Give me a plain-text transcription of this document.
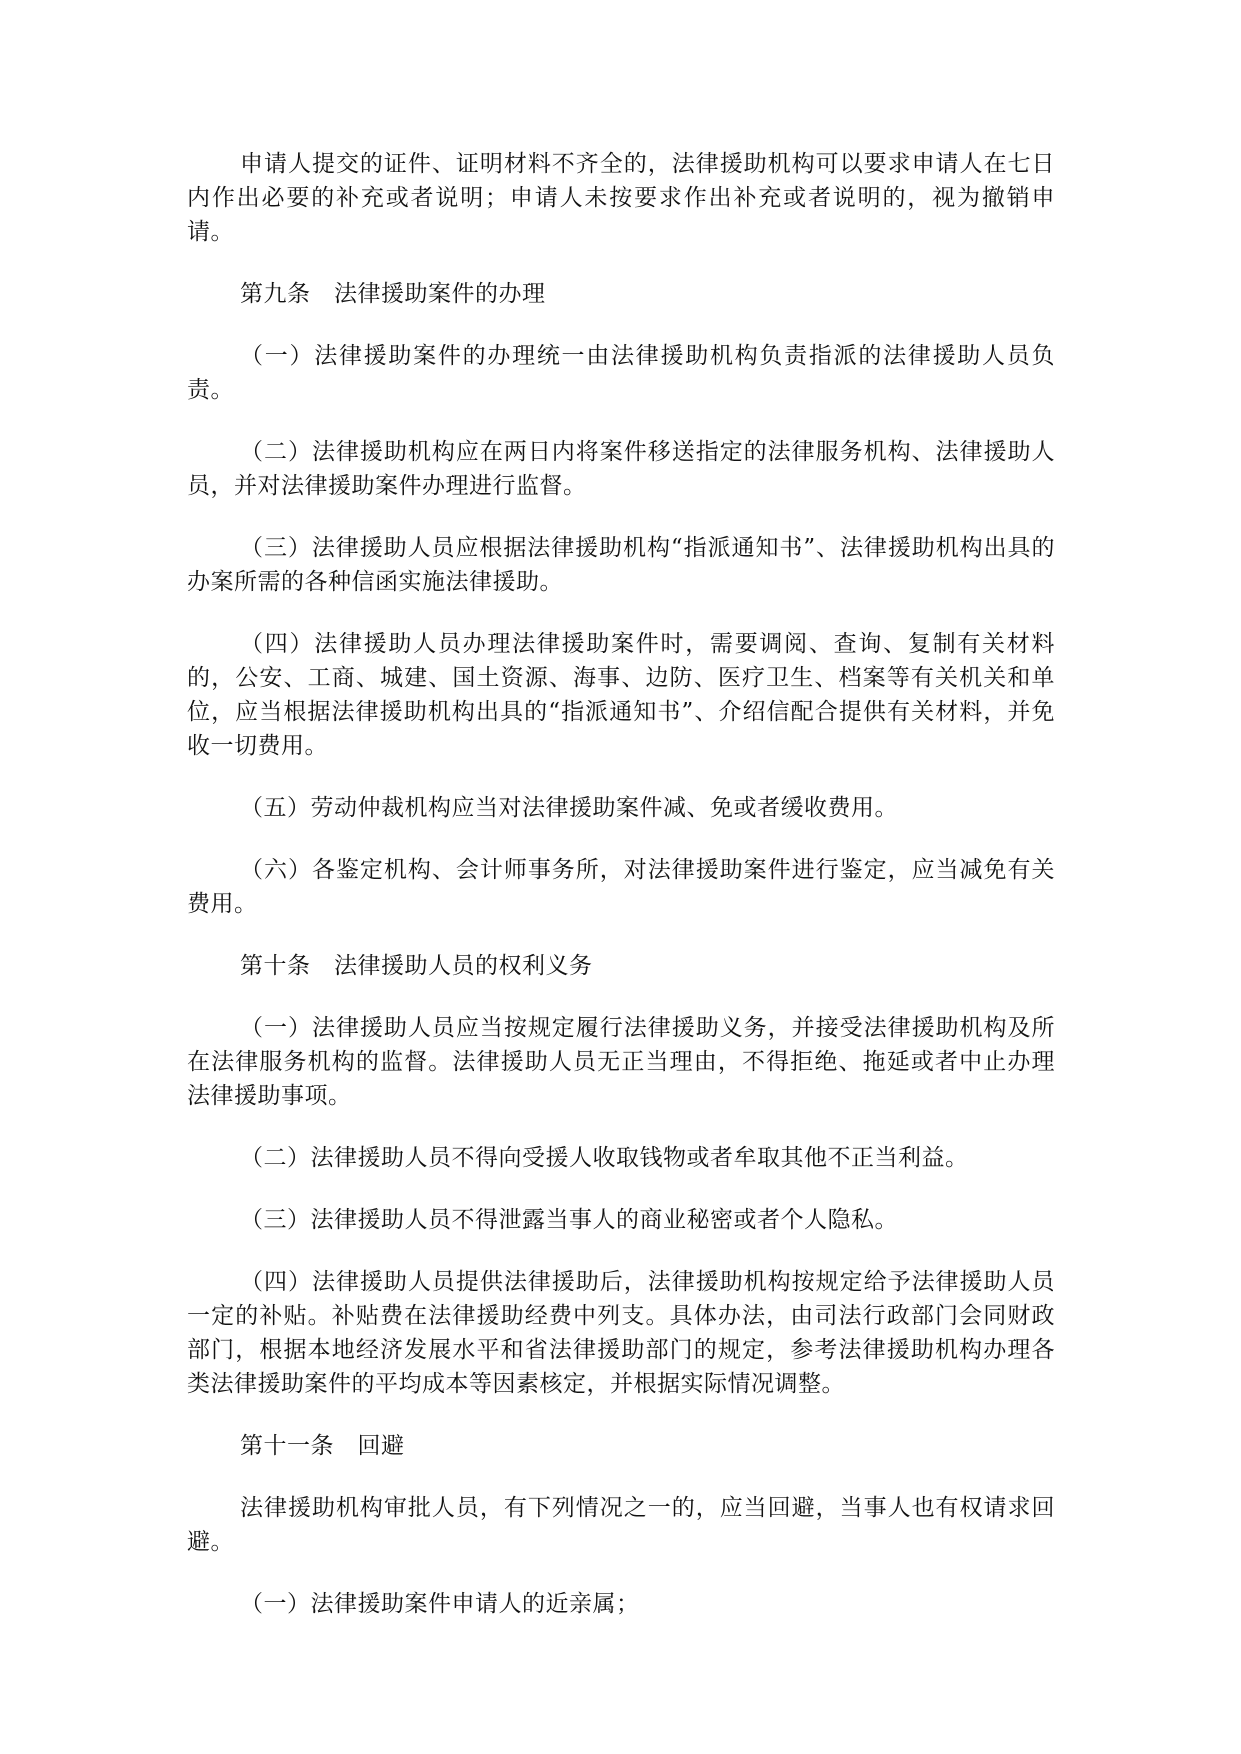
申请人提交的证件、证明材料不齐全的，法律援助机构可以要求申请人在七日内作出必要的补充或者说明；申请人未按要求作出补充或者说明的，视为撤销申请。

第九条　法律援助案件的办理

（一）法律援助案件的办理统一由法律援助机构负责指派的法律援助人员负责。

（二）法律援助机构应在两日内将案件移送指定的法律服务机构、法律援助人员，并对法律援助案件办理进行监督。

（三）法律援助人员应根据法律援助机构“指派通知书”、法律援助机构出具的办案所需的各种信函实施法律援助。

（四）法律援助人员办理法律援助案件时，需要调阅、查询、复制有关材料的，公安、工商、城建、国土资源、海事、边防、医疗卫生、档案等有关机关和单位，应当根据法律援助机构出具的“指派通知书”、介绍信配合提供有关材料，并免收一切费用。

（五）劳动仲裁机构应当对法律援助案件减、免或者缓收费用。

（六）各鉴定机构、会计师事务所，对法律援助案件进行鉴定，应当减免有关费用。

第十条　法律援助人员的权利义务

（一）法律援助人员应当按规定履行法律援助义务，并接受法律援助机构及所在法律服务机构的监督。法律援助人员无正当理由，不得拒绝、拖延或者中止办理法律援助事项。

（二）法律援助人员不得向受援人收取钱物或者牟取其他不正当利益。

（三）法律援助人员不得泄露当事人的商业秘密或者个人隐私。

（四）法律援助人员提供法律援助后，法律援助机构按规定给予法律援助人员一定的补贴。补贴费在法律援助经费中列支。具体办法，由司法行政部门会同财政部门，根据本地经济发展水平和省法律援助部门的规定，参考法律援助机构办理各类法律援助案件的平均成本等因素核定，并根据实际情况调整。

第十一条　回避

法律援助机构审批人员，有下列情况之一的，应当回避，当事人也有权请求回避。

（一）法律援助案件申请人的近亲属；
